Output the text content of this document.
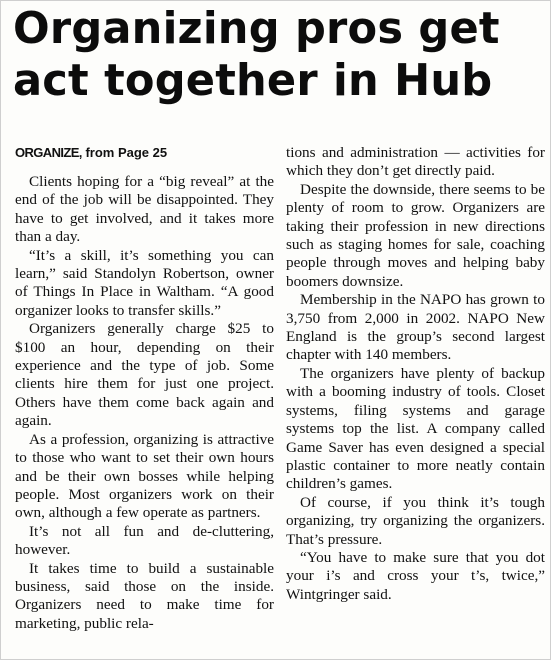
Organizing pros get
act together in Hub
ORGANIZE, from Page 25

Clients hoping for a “big reveal” at the end of the job will be disappointed. They have to get involved, and it takes more than a day.

“It’s a skill, it’s something you can learn,” said Standolyn Robertson, owner of Things In Place in Waltham. “A good organizer looks to transfer skills.”

Organizers generally charge $25 to $100 an hour, depending on their experience and the type of job. Some clients hire them for just one project. Others have them come back again and again.

As a profession, organizing is attractive to those who want to set their own hours and be their own bosses while helping people. Most organizers work on their own, although a few operate as partners.

It’s not all fun and de-cluttering, however.

It takes time to build a sustainable business, said those on the inside. Organizers need to make time for marketing, public rela-

tions and administration — activities for which they don’t get directly paid.

Despite the downside, there seems to be plenty of room to grow. Organizers are taking their profession in new directions such as staging homes for sale, coaching people through moves and helping baby boomers downsize.

Membership in the NAPO has grown to 3,750 from 2,000 in 2002. NAPO New England is the group’s second largest chapter with 140 members.

The organizers have plenty of backup with a booming industry of tools. Closet systems, filing systems and garage systems top the list. A company called Game Saver has even designed a special plastic container to more neatly contain children’s games.

Of course, if you think it’s tough organizing, try organizing the organizers. That’s pressure.

“You have to make sure that you dot your i’s and cross your t’s, twice,” Wintgringer said.
